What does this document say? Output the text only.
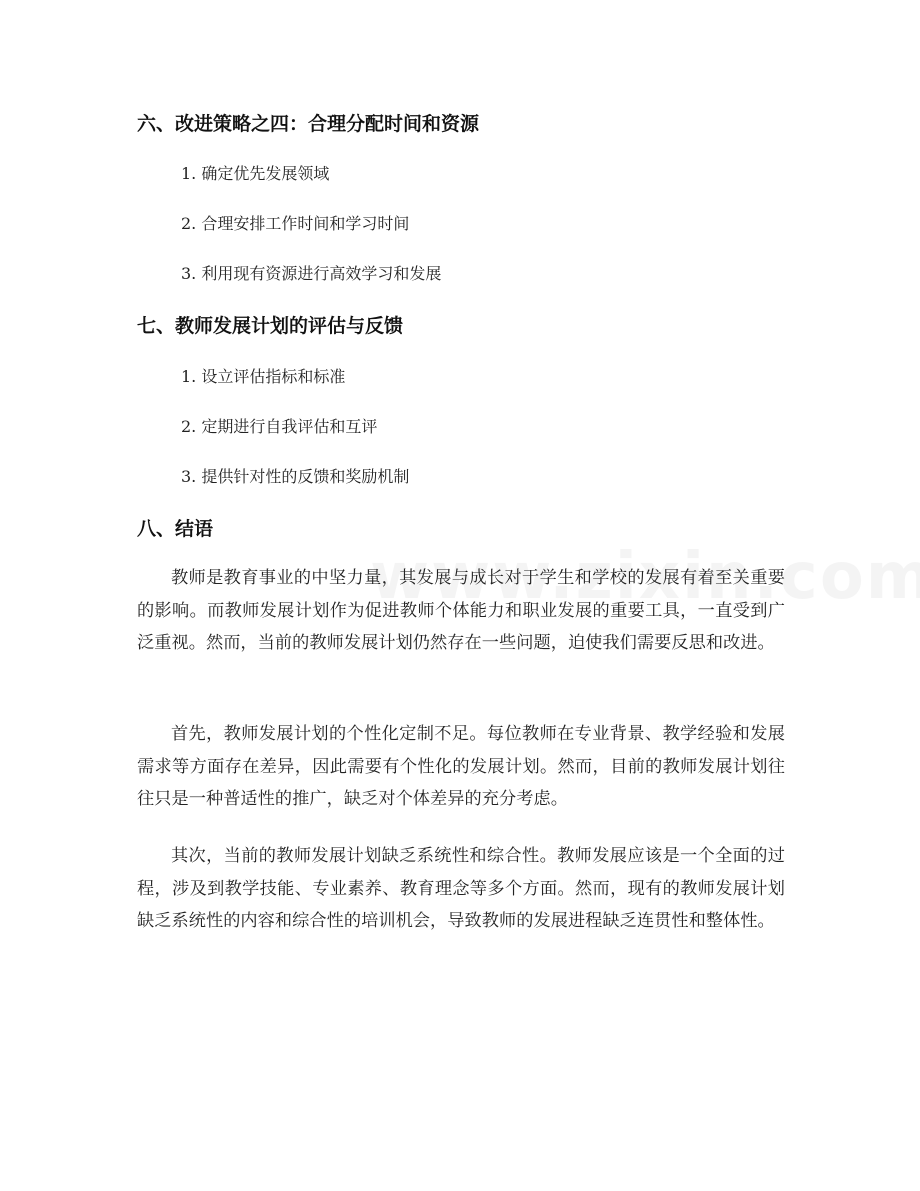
六、改进策略之四：合理分配时间和资源
1. 确定优先发展领域
2. 合理安排工作时间和学习时间
3. 利用现有资源进行高效学习和发展
七、教师发展计划的评估与反馈
1. 设立评估指标和标准
2. 定期进行自我评估和互评
3. 提供针对性的反馈和奖励机制
八、结语

教师是教育事业的中坚力量，其发展与成长对于学生和学校的发展有着至关重要的影响。而教师发展计划作为促进教师个体能力和职业发展的重要工具，一直受到广泛重视。然而，当前的教师发展计划仍然存在一些问题，迫使我们需要反思和改进。

首先，教师发展计划的个性化定制不足。每位教师在专业背景、教学经验和发展需求等方面存在差异，因此需要有个性化的发展计划。然而，目前的教师发展计划往往只是一种普适性的推广，缺乏对个体差异的充分考虑。

其次，当前的教师发展计划缺乏系统性和综合性。教师发展应该是一个全面的过程，涉及到教学技能、专业素养、教育理念等多个方面。然而，现有的教师发展计划缺乏系统性的内容和综合性的培训机会，导致教师的发展进程缺乏连贯性和整体性。
